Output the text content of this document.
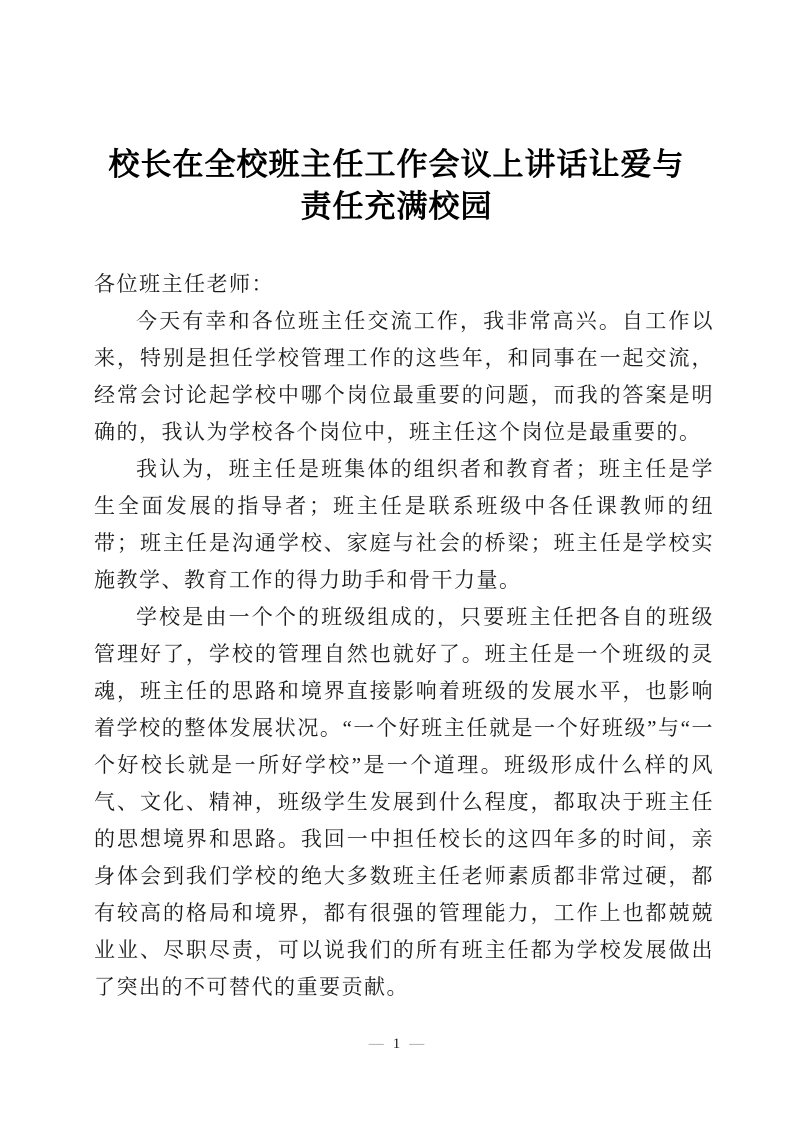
校长在全校班主任工作会议上讲话让爱与
责任充满校园

各位班主任老师：

今天有幸和各位班主任交流工作，我非常高兴。自工作以来，特别是担任学校管理工作的这些年，和同事在一起交流，经常会讨论起学校中哪个岗位最重要的问题，而我的答案是明确的，我认为学校各个岗位中，班主任这个岗位是最重要的。

我认为，班主任是班集体的组织者和教育者；班主任是学生全面发展的指导者；班主任是联系班级中各任课教师的纽带；班主任是沟通学校、家庭与社会的桥梁；班主任是学校实施教学、教育工作的得力助手和骨干力量。

学校是由一个个的班级组成的，只要班主任把各自的班级管理好了，学校的管理自然也就好了。班主任是一个班级的灵魂，班主任的思路和境界直接影响着班级的发展水平，也影响着学校的整体发展状况。“一个好班主任就是一个好班级”与“一个好校长就是一所好学校”是一个道理。班级形成什么样的风气、文化、精神，班级学生发展到什么程度，都取决于班主任的思想境界和思路。我回一中担任校长的这四年多的时间，亲身体会到我们学校的绝大多数班主任老师素质都非常过硬，都有较高的格局和境界，都有很强的管理能力，工作上也都兢兢业业、尽职尽责，可以说我们的所有班主任都为学校发展做出了突出的不可替代的重要贡献。

— 1 —
